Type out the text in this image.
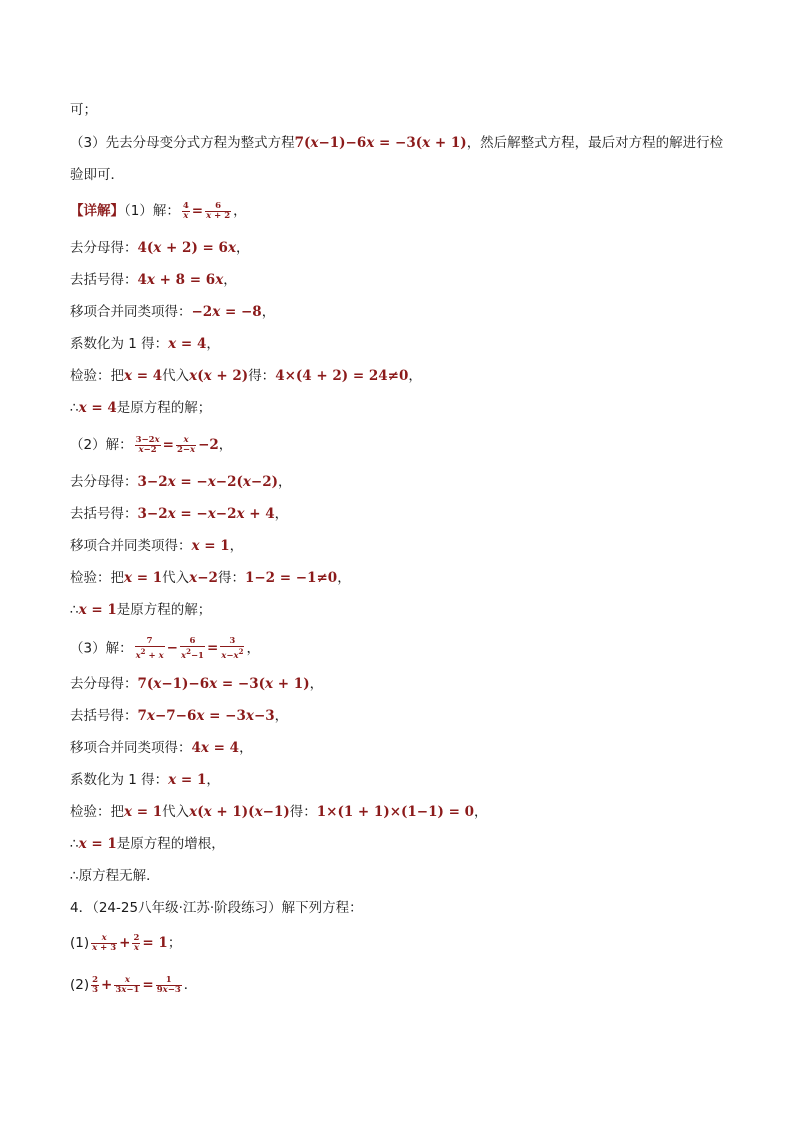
可；
（3）先去分母变分式方程为整式方程7(x−1)−6x = −3(x + 1)，然后解整式方程，最后对方程的解进行检
验即可．
【详解】（1）解： $\frac{4}{x} = \frac{6}{x + 2}$ ，
去分母得：4(x + 2) = 6x，
去括号得：4x + 8 = 6x，
移项合并同类项得：−2x = −8，
系数化为 1 得：x = 4，
检验：把x = 4代入x(x + 2)得：4×(4 + 2) = 24≠0，
∴x = 4是原方程的解；
（2）解： $\frac{3-2x}{x-2} = \frac{x}{2-x} -2$，
去分母得：3−2x = −x−2(x−2)，
去括号得：3−2x = −x−2x + 4，
移项合并同类项得：x = 1，
检验：把x = 1代入x−2得：1−2 = −1≠0，
∴x = 1是原方程的解；
（3）解： $\frac{7}{x^2 + x} - \frac{6}{x^2-1} = \frac{3}{x-x^2}$ ，
去分母得：7(x−1)−6x = −3(x + 1)，
去括号得：7x−7−6x = −3x−3，
移项合并同类项得：4x = 4，
系数化为 1 得：x = 1，
检验：把x = 1代入x(x + 1)(x−1)得：1×(1 + 1)×(1−1) = 0，
∴x = 1是原方程的增根，
∴原方程无解．
4．（24-25八年级·江苏·阶段练习）解下列方程：
$(1) \frac{x}{x + 3} + \frac{2}{x} = 1$；
$(2) \frac{2}{3} + \frac{x}{3x-1} = \frac{1}{9x-3}$ ．
